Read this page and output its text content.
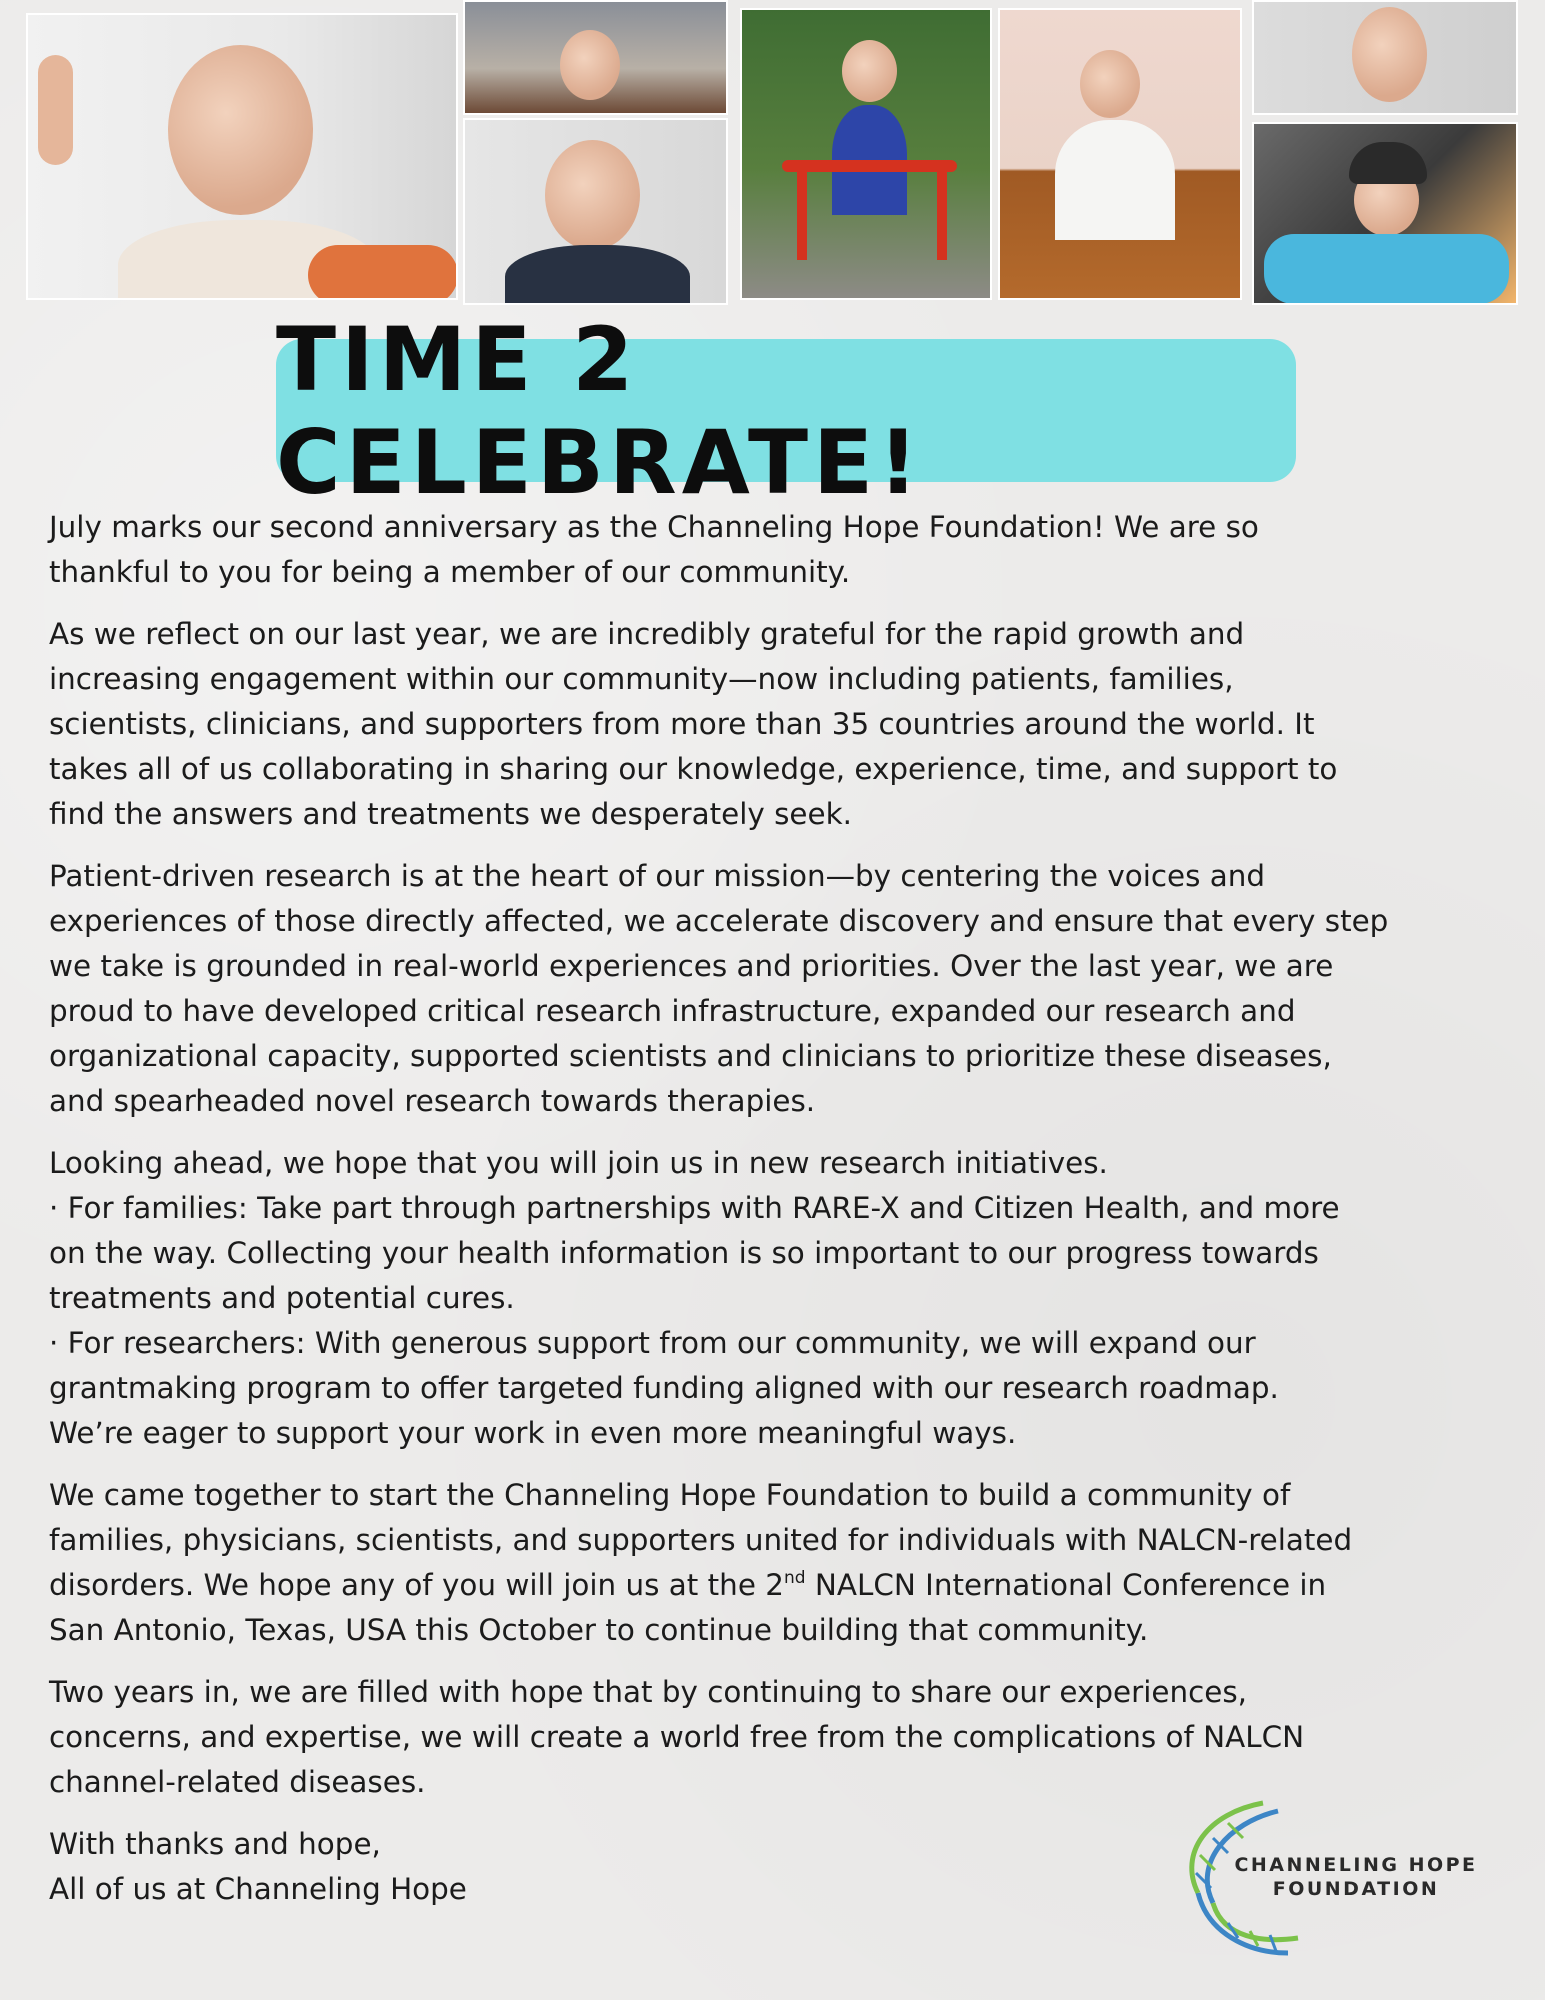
TIME 2 CELEBRATE!

July marks our second anniversary as the Channeling Hope Foundation! We are so
thankful to you for being a member of our community.

As we reflect on our last year, we are incredibly grateful for the rapid growth and
increasing engagement within our community—now including patients, families,
scientists, clinicians, and supporters from more than 35 countries around the world. It
takes all of us collaborating in sharing our knowledge, experience, time, and support to
find the answers and treatments we desperately seek.

Patient-driven research is at the heart of our mission—by centering the voices and
experiences of those directly affected, we accelerate discovery and ensure that every step
we take is grounded in real-world experiences and priorities. Over the last year, we are
proud to have developed critical research infrastructure, expanded our research and
organizational capacity, supported scientists and clinicians to prioritize these diseases,
and spearheaded novel research towards therapies.

Looking ahead, we hope that you will join us in new research initiatives.
· For families: Take part through partnerships with RARE-X and Citizen Health, and more
on the way. Collecting your health information is so important to our progress towards
treatments and potential cures.
· For researchers: With generous support from our community, we will expand our
grantmaking program to offer targeted funding aligned with our research roadmap.
We’re eager to support your work in even more meaningful ways.

We came together to start the Channeling Hope Foundation to build a community of
families, physicians, scientists, and supporters united for individuals with NALCN-related
disorders. We hope any of you will join us at the 2nd NALCN International Conference in
San Antonio, Texas, USA this October to continue building that community.

Two years in, we are filled with hope that by continuing to share our experiences,
concerns, and expertise, we will create a world free from the complications of NALCN
channel-related diseases.

With thanks and hope,
All of us at Channeling Hope

CHANNELING HOPE
FOUNDATION
